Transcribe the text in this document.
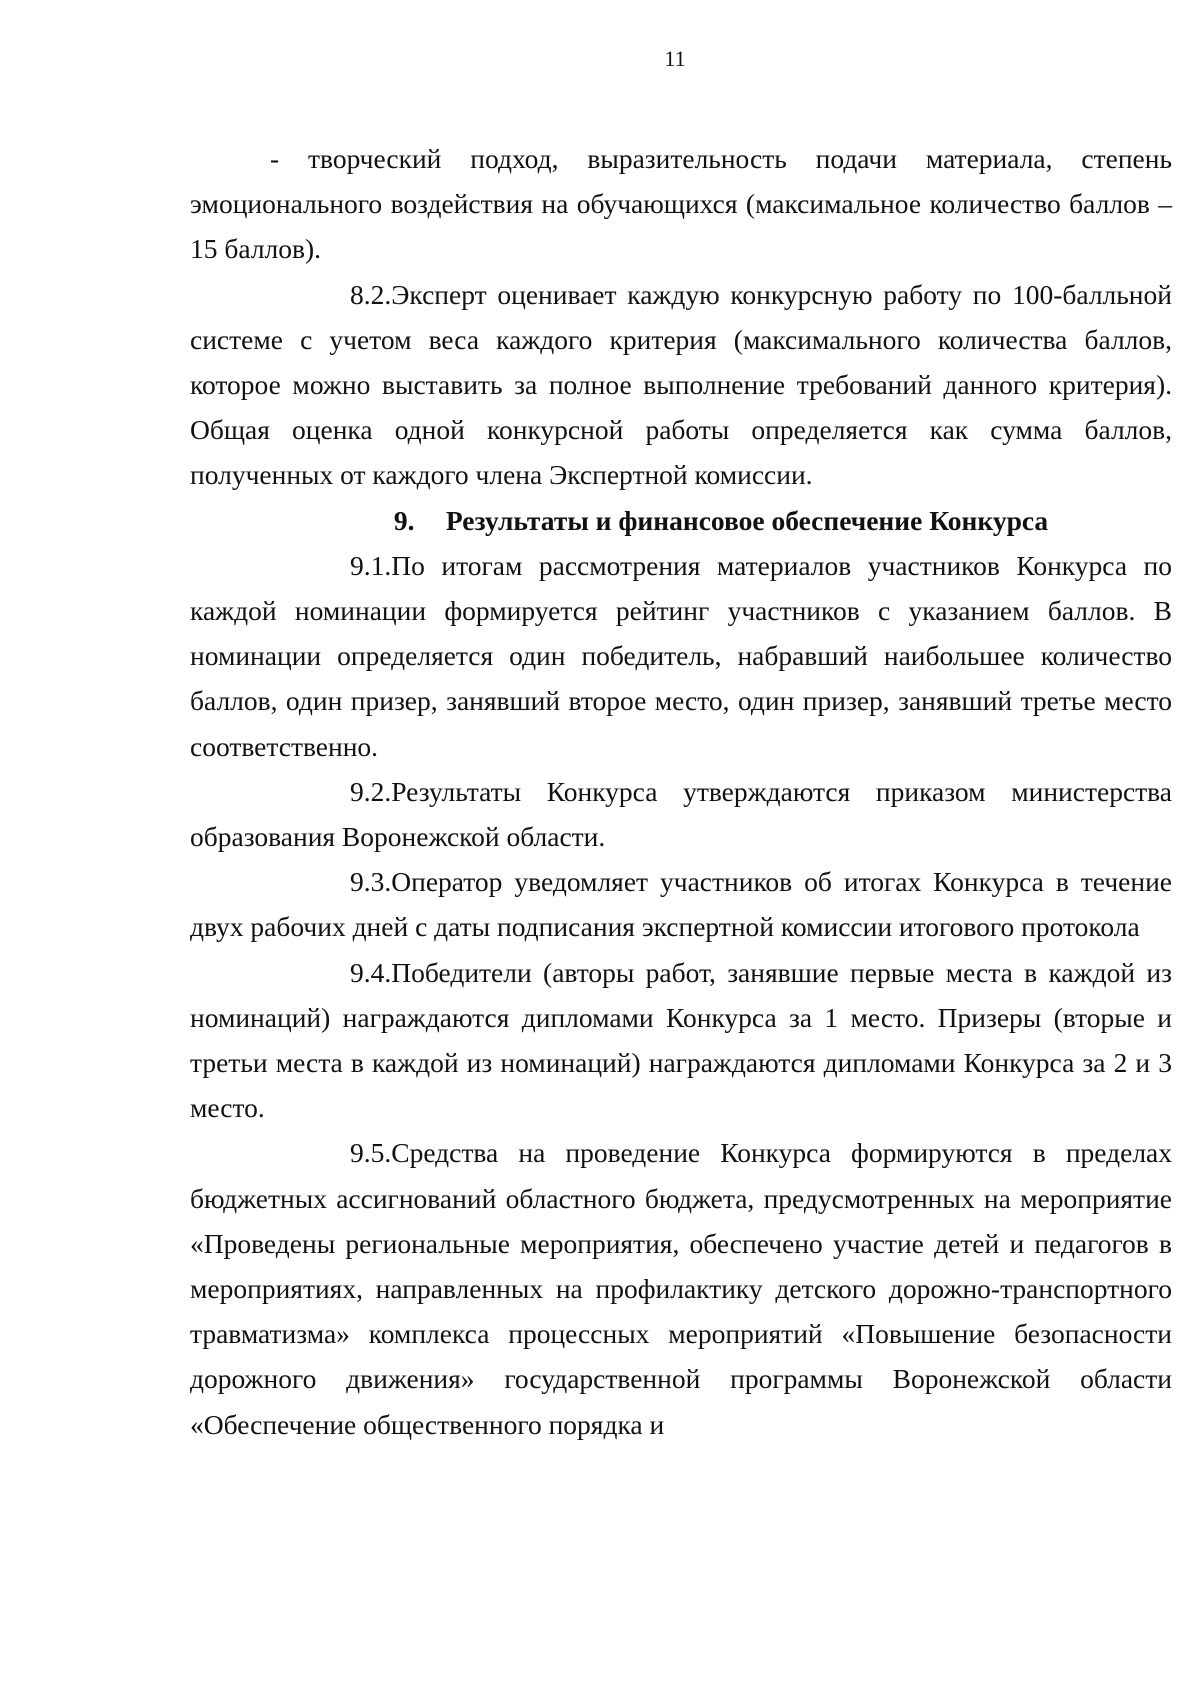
11

- творческий подход, выразительность подачи материала, степень эмоционального воздействия на обучающихся (максимальное количество баллов – 15 баллов).

8.2.Эксперт оценивает каждую конкурсную работу по 100-балльной системе с учетом веса каждого критерия (максимального количества баллов, которое можно выставить за полное выполнение требований данного критерия). Общая оценка одной конкурсной работы определяется как сумма баллов, полученных от каждого члена Экспертной комиссии.

9. Результаты и финансовое обеспечение Конкурса

9.1.По итогам рассмотрения материалов участников Конкурса по каждой номинации формируется рейтинг участников с указанием баллов. В номинации определяется один победитель, набравший наибольшее количество баллов, один призер, занявший второе место, один призер, занявший третье место соответственно.

9.2.Результаты Конкурса утверждаются приказом министерства образования Воронежской области.

9.3.Оператор уведомляет участников об итогах Конкурса в течение двух рабочих дней с даты подписания экспертной комиссии итогового протокола

9.4.Победители (авторы работ, занявшие первые места в каждой из номинаций) награждаются дипломами Конкурса за 1 место. Призеры (вторые и третьи места в каждой из номинаций) награждаются дипломами Конкурса за 2 и 3 место.

9.5.Средства на проведение Конкурса формируются в пределах бюджетных ассигнований областного бюджета, предусмотренных на мероприятие «Проведены региональные мероприятия, обеспечено участие детей и педагогов в мероприятиях, направленных на профилактику детского дорожно-транспортного травматизма» комплекса процессных мероприятий «Повышение безопасности дорожного движения» государственной программы Воронежской области «Обеспечение общественного порядка и
